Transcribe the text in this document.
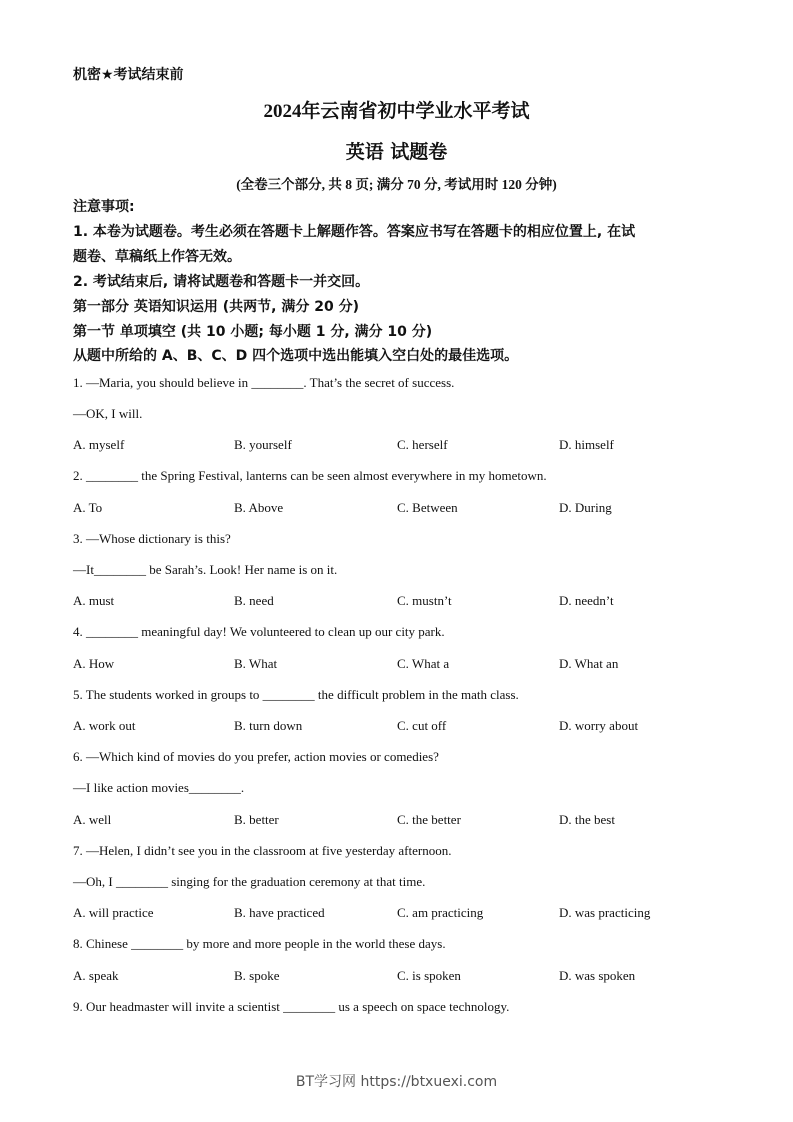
机密★考试结束前
2024年云南省初中学业水平考试
英语 试题卷
(全卷三个部分, 共 8 页; 满分 70 分, 考试用时 120 分钟)
注意事项:
1. 本卷为试题卷。考生必须在答题卡上解题作答。答案应书写在答题卡的相应位置上, 在试
题卷、草稿纸上作答无效。
2. 考试结束后, 请将试题卷和答题卡一并交回。
第一部分 英语知识运用 (共两节, 满分 20 分)
第一节 单项填空 (共 10 小题; 每小题 1 分, 满分 10 分)
从题中所给的 A、B、C、D 四个选项中选出能填入空白处的最佳选项。
1. —Maria, you should believe in ________. That’s the secret of success.
—OK, I will.
A. myself	B. yourself	C. herself	D. himself
2. ________ the Spring Festival, lanterns can be seen almost everywhere in my hometown.
A. To	B. Above	C. Between	D. During
3. —Whose dictionary is this?
—It________ be Sarah’s. Look! Her name is on it.
A. must	B. need	C. mustn’t	D. needn’t
4. ________ meaningful day! We volunteered to clean up our city park.
A. How	B. What	C. What a	D. What an
5. The students worked in groups to ________ the difficult problem in the math class.
A. work out	B. turn down	C. cut off	D. worry about
6. —Which kind of movies do you prefer, action movies or comedies?
—I like action movies________.
A. well	B. better	C. the better	D. the best
7. —Helen, I didn’t see you in the classroom at five yesterday afternoon.
—Oh, I ________ singing for the graduation ceremony at that time.
A. will practice	B. have practiced	C. am practicing	D. was practicing
8. Chinese ________ by more and more people in the world these days.
A. speak	B. spoke	C. is spoken	D. was spoken
9. Our headmaster will invite a scientist ________ us a speech on space technology.
BT学习网 https://btxuexi.com
